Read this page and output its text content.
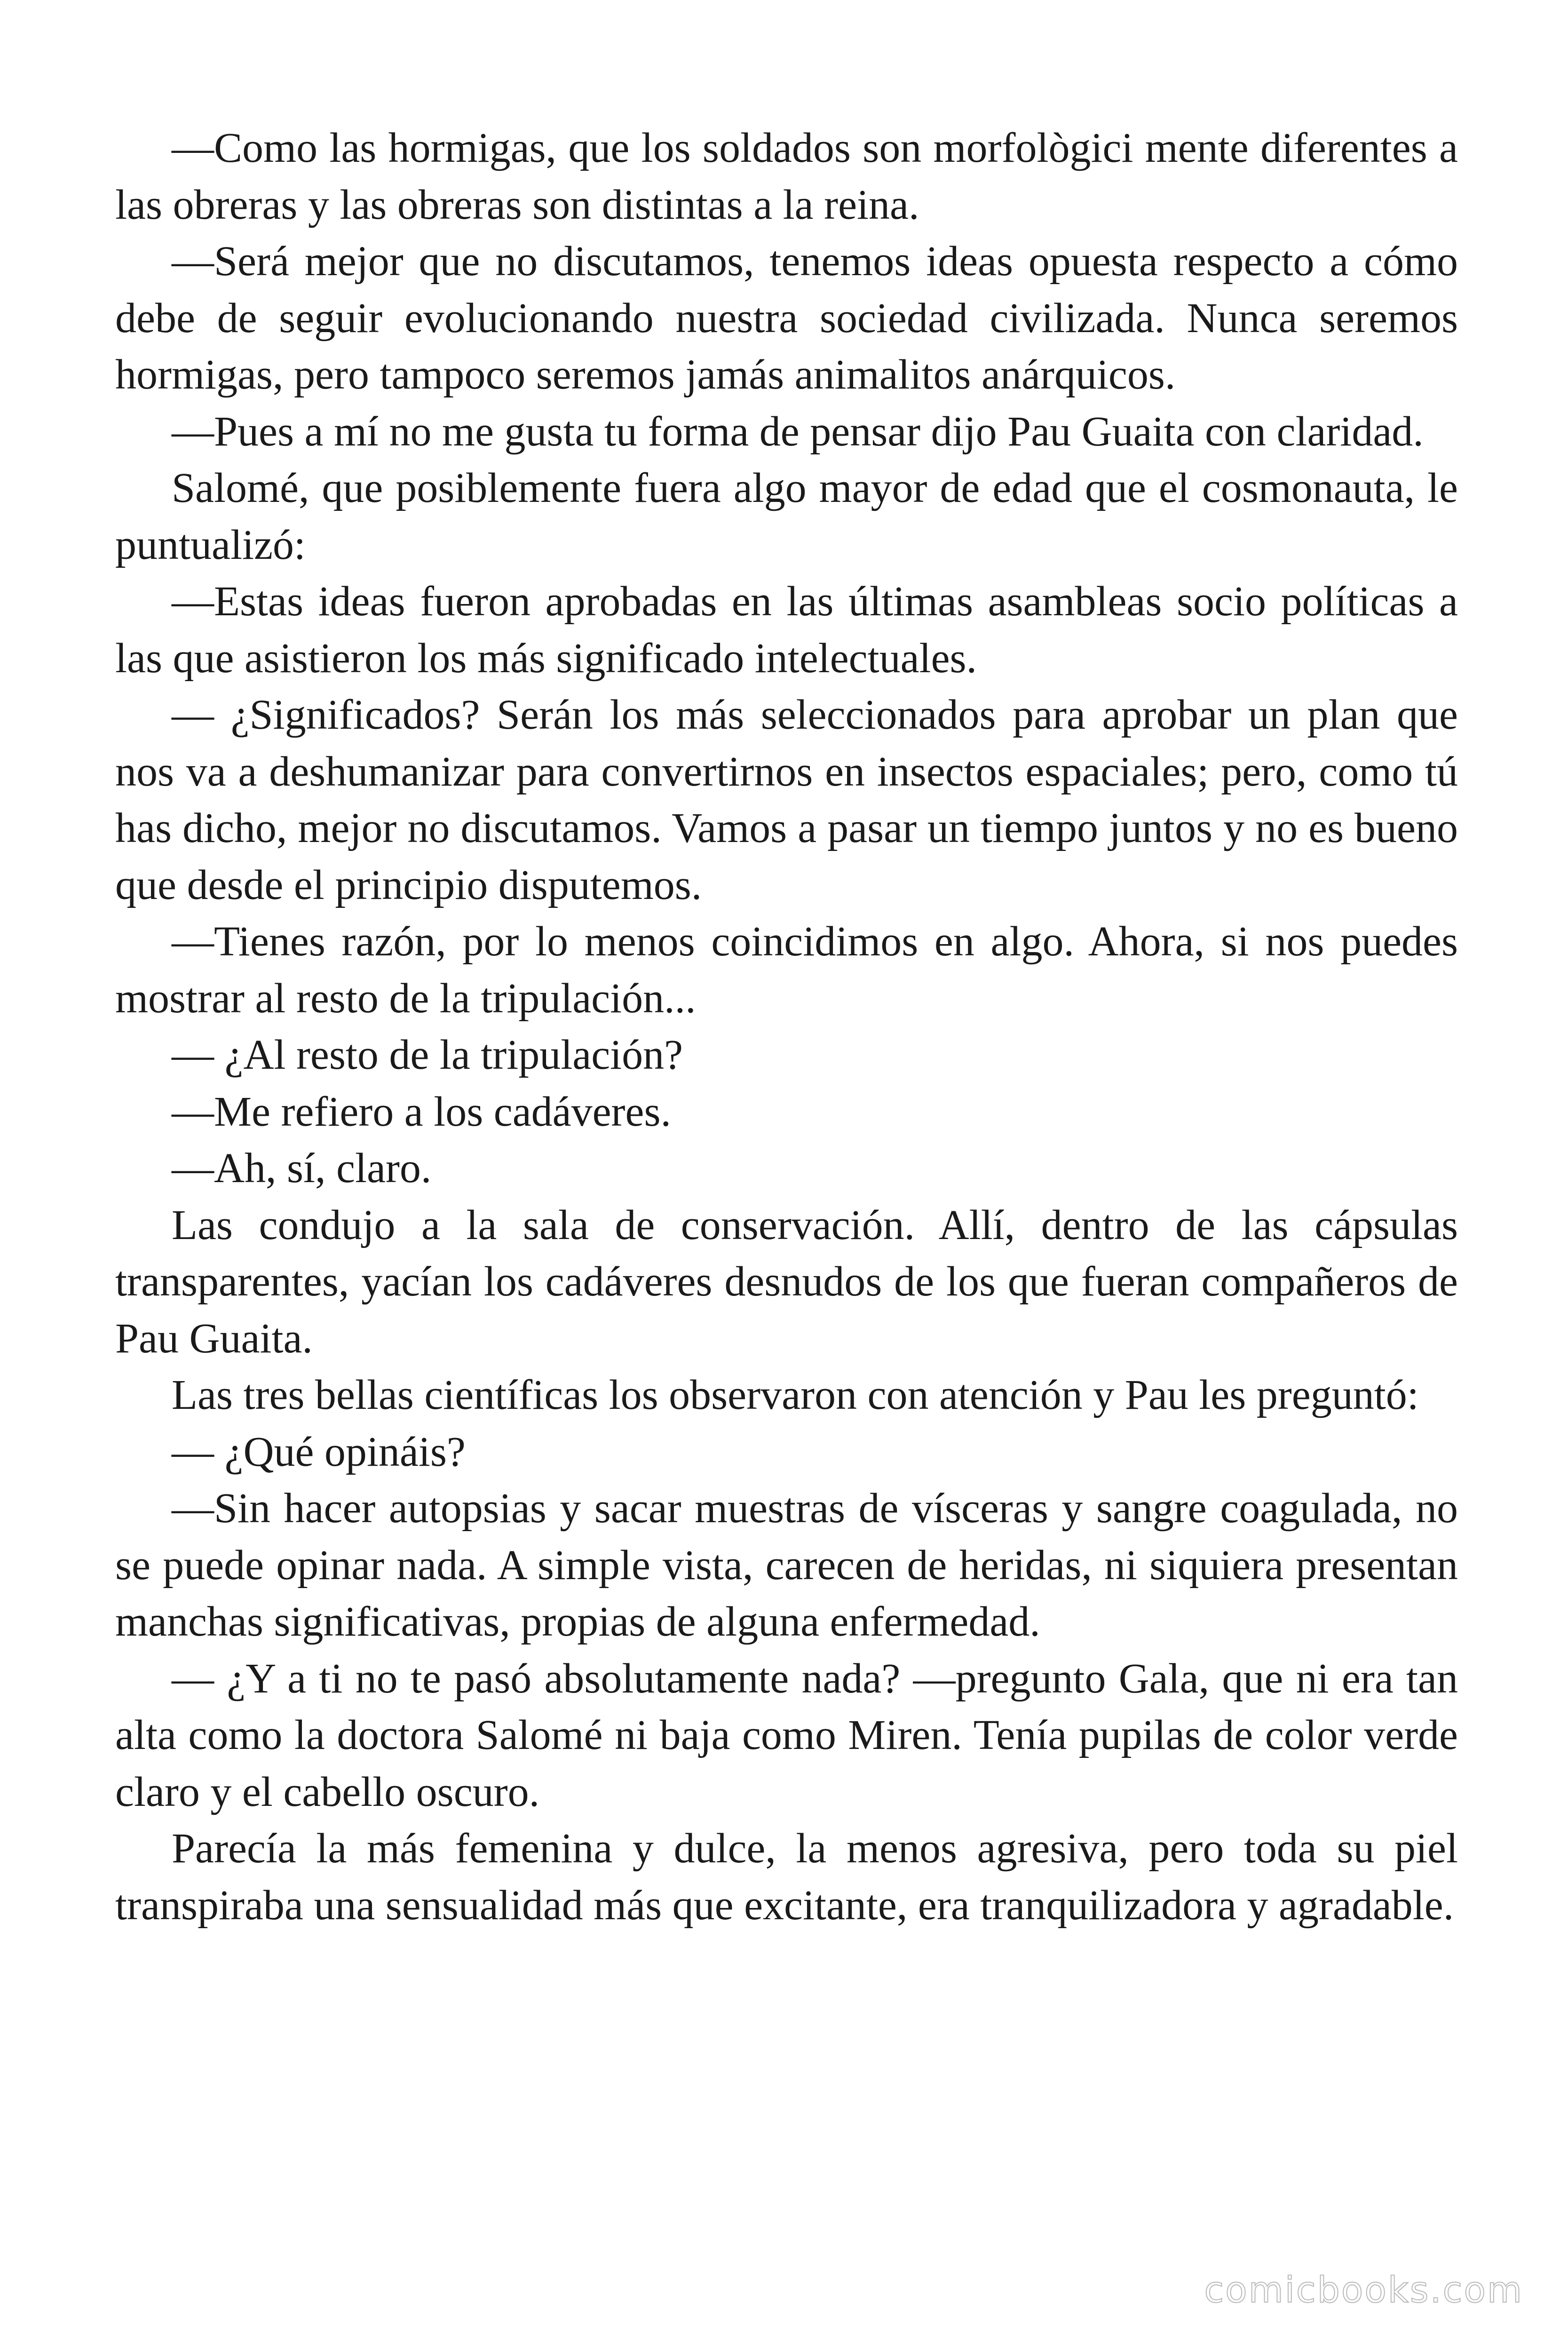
—Como las hormigas, que los soldados son morfològici mente diferentes a las obreras y las obreras son distintas a la reina.

—Será mejor que no discutamos, tenemos ideas opuesta respecto a cómo debe de seguir evolucionando nuestra sociedad civilizada. Nunca seremos hormigas, pero tampoco seremos jamás animalitos anárquicos.

—Pues a mí no me gusta tu forma de pensar dijo Pau Guaita con claridad.

Salomé, que posiblemente fuera algo mayor de edad que el cosmonauta, le puntualizó:

—Estas ideas fueron aprobadas en las últimas asambleas socio políticas a las que asistieron los más significado intelectuales.

— ¿Significados? Serán los más seleccionados para aprobar un plan que nos va a deshumanizar para convertirnos en insectos espaciales; pero, como tú has dicho, mejor no discutamos. Vamos a pasar un tiempo juntos y no es bueno que desde el principio disputemos.

—Tienes razón, por lo menos coincidimos en algo. Ahora, si nos puedes mostrar al resto de la tripulación...

— ¿Al resto de la tripulación?

—Me refiero a los cadáveres.

—Ah, sí, claro.

Las condujo a la sala de conservación. Allí, dentro de las cápsulas transparentes, yacían los cadáveres desnudos de los que fueran compañeros de Pau Guaita.

Las tres bellas científicas los observaron con atención y Pau les preguntó:

— ¿Qué opináis?

—Sin hacer autopsias y sacar muestras de vísceras y sangre coagulada, no se puede opinar nada. A simple vista, carecen de heridas, ni siquiera presentan manchas significativas, propias de alguna enfermedad.

— ¿Y a ti no te pasó absolutamente nada? —pregunto Gala, que ni era tan alta como la doctora Salomé ni baja como Miren. Tenía pupilas de color verde claro y el cabello oscuro.

Parecía la más femenina y dulce, la menos agresiva, pero toda su piel transpiraba una sensualidad más que excitante, era tranquilizadora y agradable.

comicbooks.com
